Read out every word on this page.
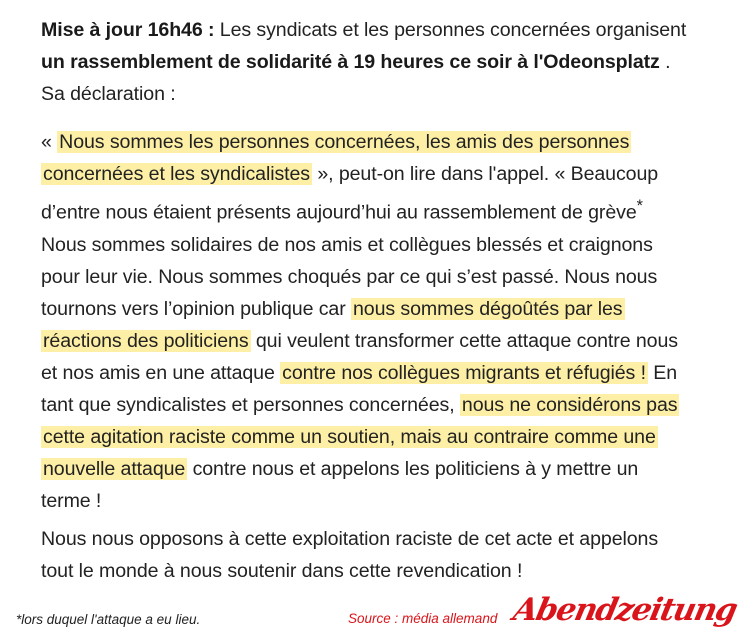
Mise à jour 16h46 : Les syndicats et les personnes concernées organisent un rassemblement de solidarité à 19 heures ce soir à l'Odeonsplatz . Sa déclaration :

« Nous sommes les personnes concernées, les amis des personnes concernées et les syndicalistes », peut-on lire dans l'appel. « Beaucoup d’entre nous étaient présents aujourd’hui au rassemblement de grève* Nous sommes solidaires de nos amis et collègues blessés et craignons pour leur vie. Nous sommes choqués par ce qui s’est passé. Nous nous tournons vers l’opinion publique car nous sommes dégoûtés par les réactions des politiciens qui veulent transformer cette attaque contre nous et nos amis en une attaque contre nos collègues migrants et réfugiés ! En tant que syndicalistes et personnes concernées, nous ne considérons pas cette agitation raciste comme un soutien, mais au contraire comme une nouvelle attaque contre nous et appelons les politiciens à y mettre un terme !

Nous nous opposons à cette exploitation raciste de cet acte et appelons tout le monde à nous soutenir dans cette revendication !

*lors duquel l'attaque a eu lieu.	Source : média allemand Abendzeitung
